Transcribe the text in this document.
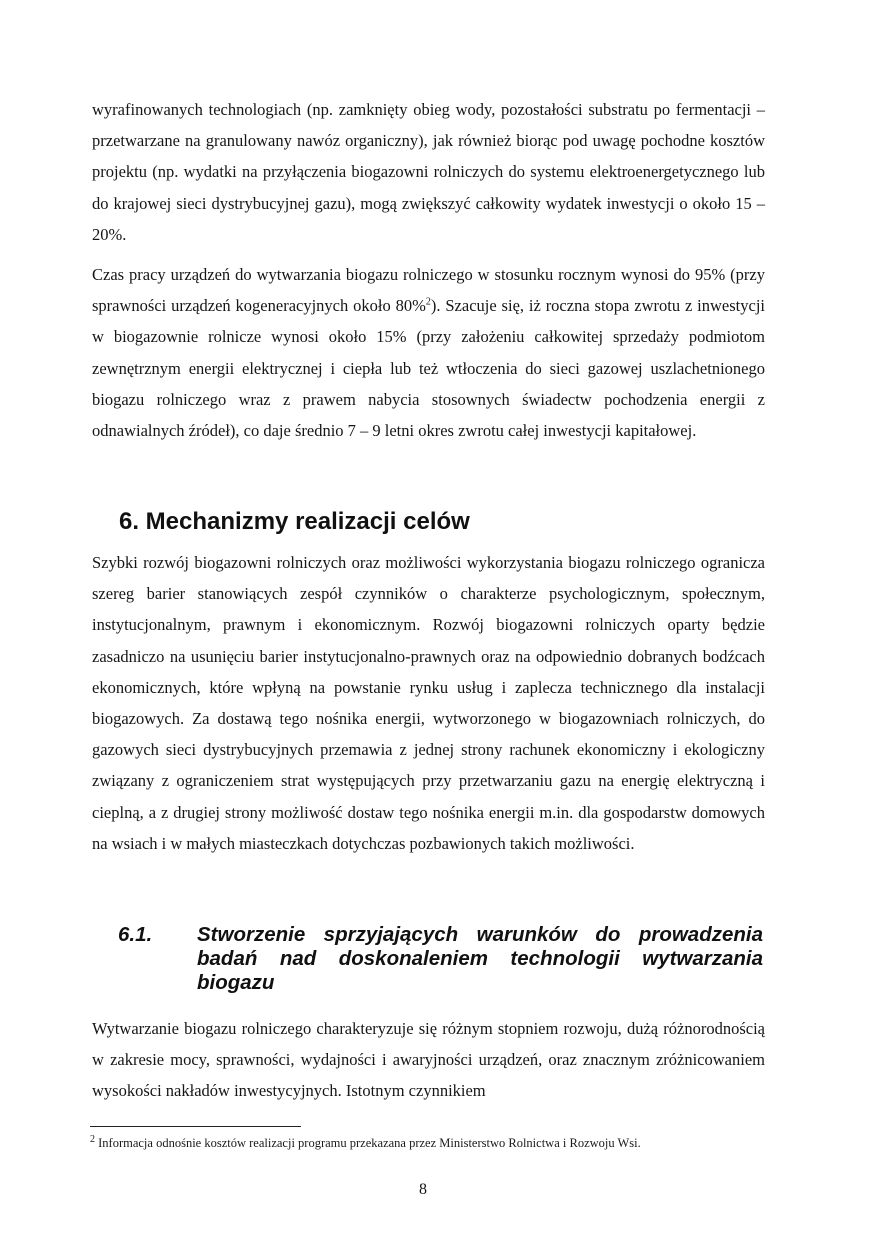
wyrafinowanych technologiach (np. zamknięty obieg wody, pozostałości substratu po fermentacji – przetwarzane na granulowany nawóz organiczny), jak również biorąc pod uwagę pochodne kosztów projektu (np. wydatki na przyłączenia biogazowni rolniczych do systemu elektroenergetycznego lub do krajowej sieci dystrybucyjnej gazu), mogą zwiększyć całkowity wydatek inwestycji o około 15 – 20%.

Czas pracy urządzeń do wytwarzania biogazu rolniczego w stosunku rocznym wynosi do 95% (przy sprawności urządzeń kogeneracyjnych około 80%$^2$). Szacuje się, iż roczna stopa zwrotu z inwestycji w biogazownie rolnicze wynosi około 15% (przy założeniu całkowitej sprzedaży podmiotom zewnętrznym energii elektrycznej i ciepła lub też wtłoczenia do sieci gazowej uszlachetnionego biogazu rolniczego wraz z prawem nabycia stosownych świadectw pochodzenia energii z odnawialnych źródeł), co daje średnio 7 – 9 letni okres zwrotu całej inwestycji kapitałowej.

6. Mechanizmy realizacji celów

Szybki rozwój biogazowni rolniczych oraz możliwości wykorzystania biogazu rolniczego ogranicza szereg barier stanowiących zespół czynników o charakterze psychologicznym, społecznym, instytucjonalnym, prawnym i ekonomicznym. Rozwój biogazowni rolniczych oparty będzie zasadniczo na usunięciu barier instytucjonalno-prawnych oraz na odpowiednio dobranych bodźcach ekonomicznych, które wpłyną na powstanie rynku usług i zaplecza technicznego dla instalacji biogazowych. Za dostawą tego nośnika energii, wytworzonego w biogazowniach rolniczych, do gazowych sieci dystrybucyjnych przemawia z jednej strony rachunek ekonomiczny i ekologiczny związany z ograniczeniem strat występujących przy przetwarzaniu gazu na energię elektryczną i cieplną, a z drugiej strony możliwość dostaw tego nośnika energii m.in. dla gospodarstw domowych na wsiach i w małych miasteczkach dotychczas pozbawionych takich możliwości.

6.1. Stworzenie sprzyjających warunków do prowadzenia badań nad doskonaleniem technologii wytwarzania biogazu

Wytwarzanie biogazu rolniczego charakteryzuje się różnym stopniem rozwoju, dużą różnorodnością w zakresie mocy, sprawności, wydajności i awaryjności urządzeń, oraz znacznym zróżnicowaniem wysokości nakładów inwestycyjnych. Istotnym czynnikiem

$^2$ Informacja odnośnie kosztów realizacji programu przekazana przez Ministerstwo Rolnictwa i Rozwoju Wsi.

8
